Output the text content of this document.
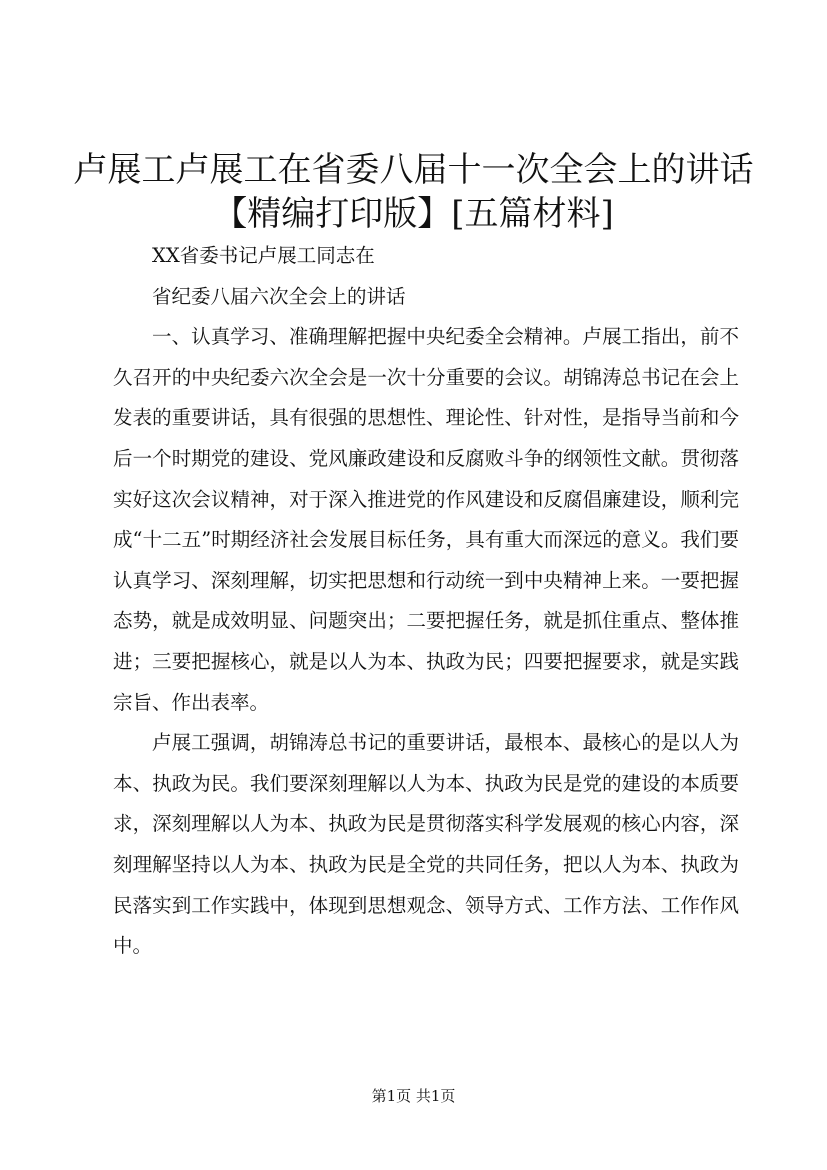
卢展工卢展工在省委八届十一次全会上的讲话
【精编打印版】[五篇材料]

XX省委书记卢展工同志在

省纪委八届六次全会上的讲话

一、认真学习、准确理解把握中央纪委全会精神。卢展工指出，前不久召开的中央纪委六次全会是一次十分重要的会议。胡锦涛总书记在会上发表的重要讲话，具有很强的思想性、理论性、针对性，是指导当前和今后一个时期党的建设、党风廉政建设和反腐败斗争的纲领性文献。贯彻落实好这次会议精神，对于深入推进党的作风建设和反腐倡廉建设，顺利完成“十二五”时期经济社会发展目标任务，具有重大而深远的意义。我们要认真学习、深刻理解，切实把思想和行动统一到中央精神上来。一要把握态势，就是成效明显、问题突出；二要把握任务，就是抓住重点、整体推进；三要把握核心，就是以人为本、执政为民；四要把握要求，就是实践宗旨、作出表率。

卢展工强调，胡锦涛总书记的重要讲话，最根本、最核心的是以人为本、执政为民。我们要深刻理解以人为本、执政为民是党的建设的本质要求，深刻理解以人为本、执政为民是贯彻落实科学发展观的核心内容，深刻理解坚持以人为本、执政为民是全党的共同任务，把以人为本、执政为民落实到工作实践中，体现到思想观念、领导方式、工作方法、工作作风中。

第1页 共1页
